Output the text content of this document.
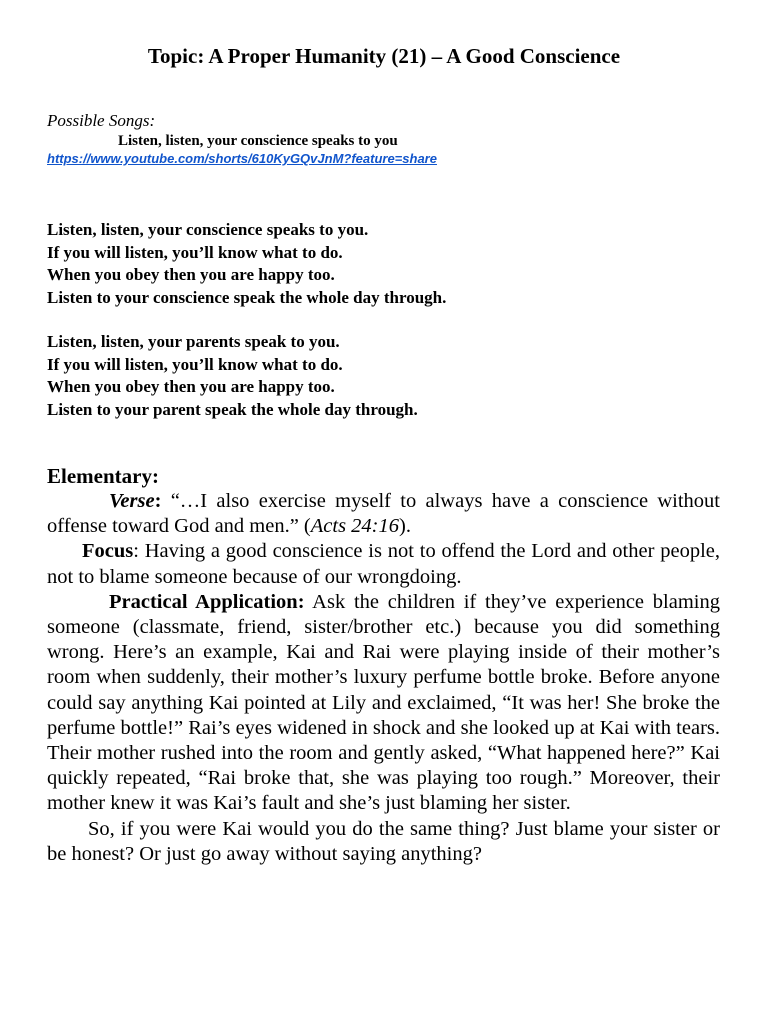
Topic: A Proper Humanity (21) – A Good Conscience
Possible Songs:
Listen, listen, your conscience speaks to you
https://www.youtube.com/shorts/610KyGQvJnM?feature=share
Listen, listen, your conscience speaks to you.
If you will listen, you’ll know what to do.
When you obey then you are happy too.
Listen to your conscience speak the whole day through.
Listen, listen, your parents speak to you.
If you will listen, you’ll know what to do.
When you obey then you are happy too.
Listen to your parent speak the whole day through.
Elementary:

Verse: “…I also exercise myself to always have a conscience without offense toward God and men.” (Acts 24:16).

Focus: Having a good conscience is not to offend the Lord and other people, not to blame someone because of our wrongdoing.

Practical Application: Ask the children if they’ve experience blaming someone (classmate, friend, sister/brother etc.) because you did something wrong. Here’s an example, Kai and Rai were playing inside of their mother’s room when suddenly, their mother’s luxury perfume bottle broke. Before anyone could say anything Kai pointed at Lily and exclaimed, “It was her! She broke the perfume bottle!” Rai’s eyes widened in shock and she looked up at Kai with tears. Their mother rushed into the room and gently asked, “What happened here?” Kai quickly repeated, “Rai broke that, she was playing too rough.” Moreover, their mother knew it was Kai’s fault and she’s just blaming her sister.

So, if you were Kai would you do the same thing? Just blame your sister or be honest? Or just go away without saying anything?
